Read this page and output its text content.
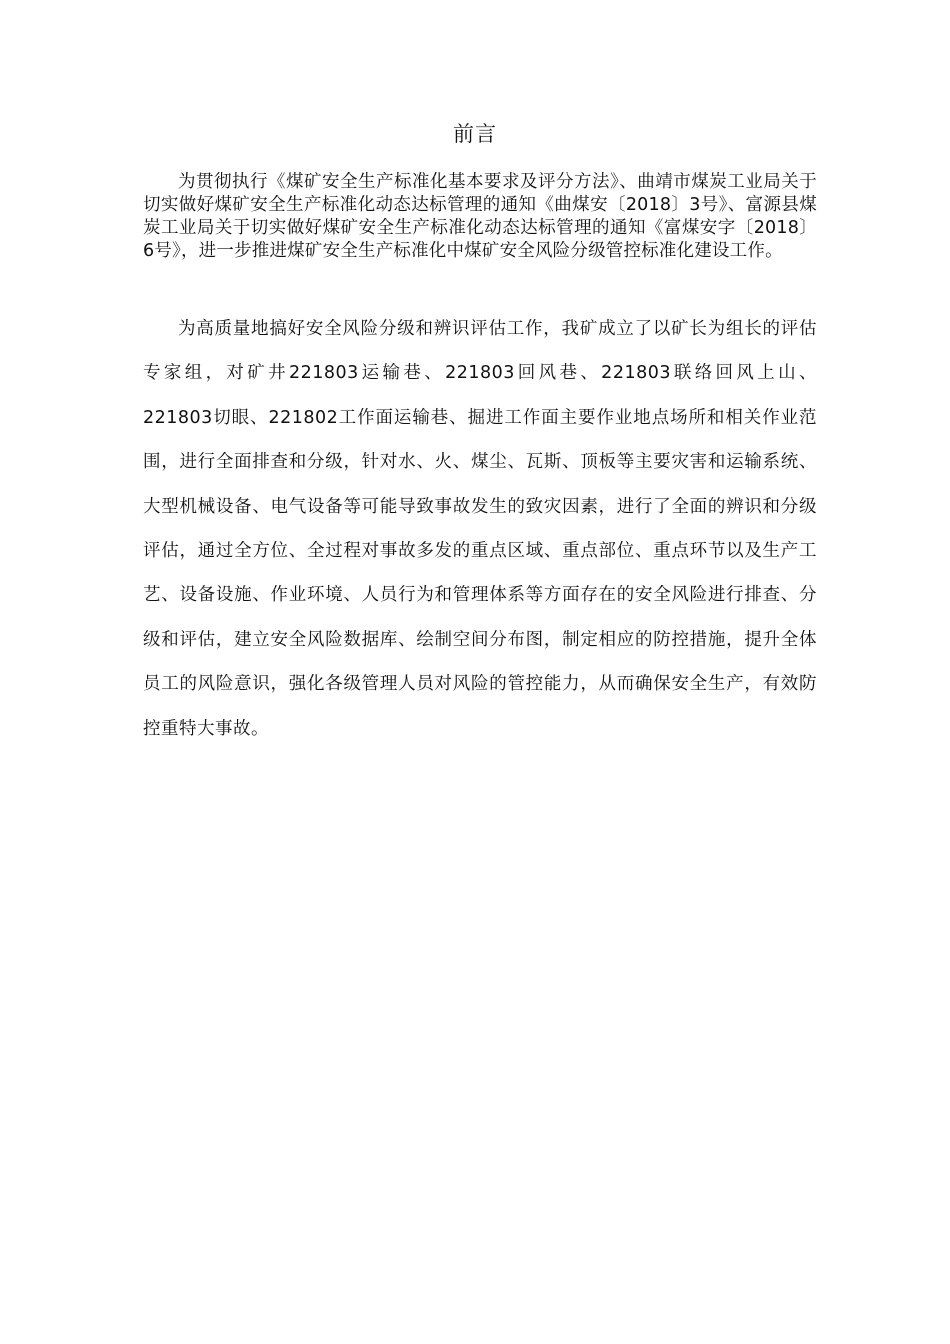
前言

为贯彻执行《煤矿安全生产标准化基本要求及评分方法》、曲靖市煤炭工业局关于切实做好煤矿安全生产标准化动态达标管理的通知《曲煤安〔2018〕3号》、富源县煤炭工业局关于切实做好煤矿安全生产标准化动态达标管理的通知《富煤安字〔2018〕6号》，进一步推进煤矿安全生产标准化中煤矿安全风险分级管控标准化建设工作。

为高质量地搞好安全风险分级和辨识评估工作，我矿成立了以矿长为组长的评估专家组，对矿井221803运输巷、221803回风巷、221803联络回风上山、221803切眼、221802工作面运输巷、掘进工作面主要作业地点场所和相关作业范围，进行全面排查和分级，针对水、火、煤尘、瓦斯、顶板等主要灾害和运输系统、大型机械设备、电气设备等可能导致事故发生的致灾因素，进行了全面的辨识和分级评估，通过全方位、全过程对事故多发的重点区域、重点部位、重点环节以及生产工艺、设备设施、作业环境、人员行为和管理体系等方面存在的安全风险进行排查、分级和评估，建立安全风险数据库、绘制空间分布图，制定相应的防控措施，提升全体员工的风险意识，强化各级管理人员对风险的管控能力，从而确保安全生产，有效防控重特大事故。
